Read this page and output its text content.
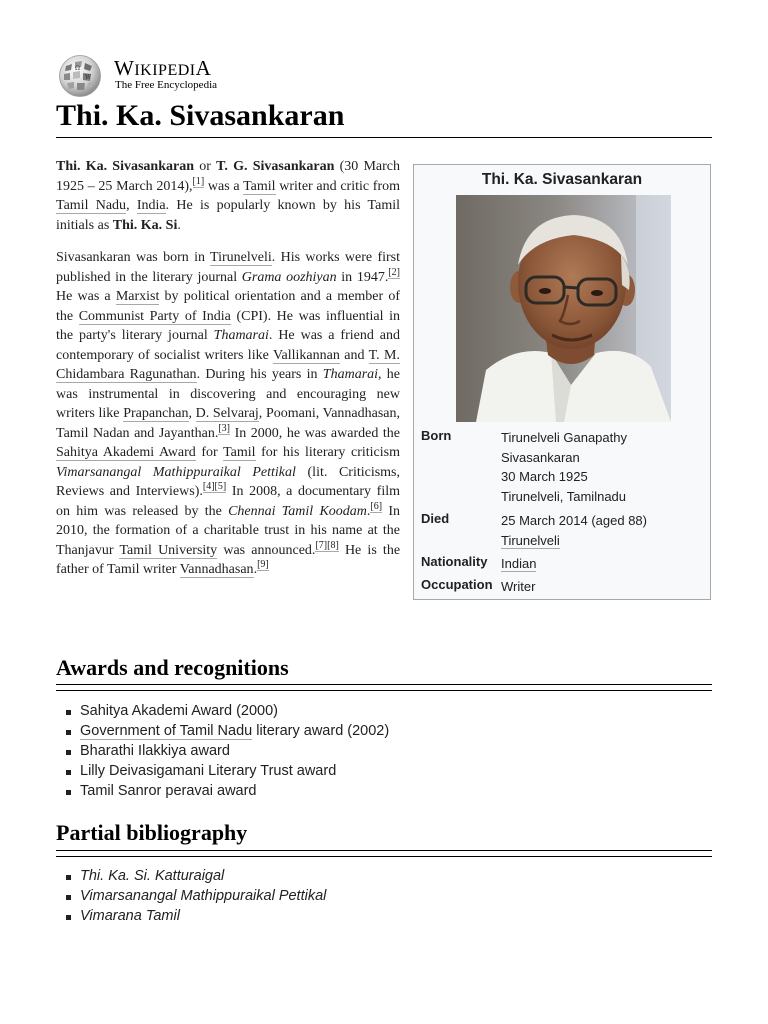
Ω
W WIKIPEDIA
The Free Encyclopedia
Thi. Ka. Sivasankaran

Thi. Ka. Sivasankaran or T. G. Sivasankaran (30 March 1925 – 25 March 2014),[1] was a Tamil writer and critic from Tamil Nadu, India. He is popularly known by his Tamil initials as Thi. Ka. Si.

Sivasankaran was born in Tirunelveli. His works were first published in the literary journal Grama oozhiyan in 1947.[2] He was a Marxist by political orientation and a member of the Communist Party of India (CPI). He was influential in the party's literary journal Thamarai. He was a friend and contemporary of socialist writers like Vallikannan and T. M. Chidambara Ragunathan. During his years in Thamarai, he was instrumental in discovering and encouraging new writers like Prapanchan, D. Selvaraj, Poomani, Vannadhasan, Tamil Nadan and Jayanthan.[3] In 2000, he was awarded the Sahitya Akademi Award for Tamil for his literary criticism Vimarsanangal Mathippuraikal Pettikal (lit. Criticisms, Reviews and Interviews).[4][5] In 2008, a documentary film on him was released by the Chennai Tamil Koodam.[6] In 2010, the formation of a charitable trust in his name at the Thanjavur Tamil University was announced.[7][8] He is the father of Tamil writer Vannadhasan.[9]

Thi. Ka. Sivasankaran
Born	Tirunelveli Ganapathy
Sivasankaran
30 March 1925
Tirunelveli, Tamilnadu
Died	25 March 2014 (aged 88)
Tirunelveli
Nationality Indian
Occupation Writer
Awards and recognitions
Sahitya Akademi Award (2000)
Government of Tamil Nadu literary award (2002)
Bharathi Ilakkiya award
Lilly Deivasigamani Literary Trust award
Tamil Sanror peravai award
Partial bibliography
Thi. Ka. Si. Katturaigal
Vimarsanangal Mathippuraikal Pettikal
Vimarana Tamil
